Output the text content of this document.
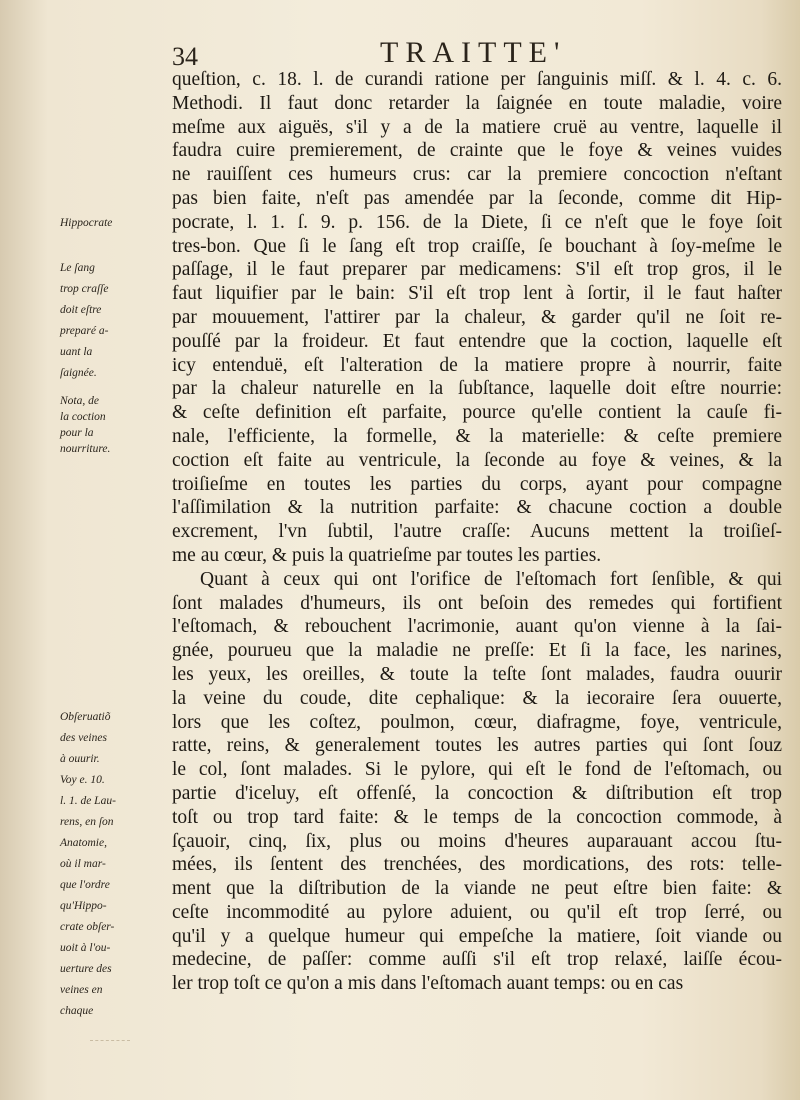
34	TRAITTE'
queſtion, c. 18. l. de curandi ratione per ſanguinis miſſ. & l. 4. c. 6.
Methodi. Il faut donc retarder la ſaignée en toute maladie, voire
meſme aux aiguës, s'il y a de la matiere cruë au ventre, laquelle il
faudra cuire premierement, de crainte que le foye & veines vuides
ne rauiſſent ces humeurs crus: car la premiere concoction n'eſtant
pas bien faite, n'eſt pas amendée par la ſeconde, comme dit Hip-
pocrate, l. 1. ſ. 9. p. 156. de la Diete, ſi ce n'eſt que le foye ſoit
tres-bon. Que ſi le ſang eſt trop craiſſe, ſe bouchant à ſoy-meſme le
paſſage, il le faut preparer par medicamens: S'il eſt trop gros, il le
faut liquifier par le bain: S'il eſt trop lent à ſortir, il le faut haſter
par mouuement, l'attirer par la chaleur, & garder qu'il ne ſoit re-
pouſſé par la froideur. Et faut entendre que la coction, laquelle eſt
icy entenduë, eſt l'alteration de la matiere propre à nourrir, faite
par la chaleur naturelle en la ſubſtance, laquelle doit eſtre nourrie:
& ceſte definition eſt parfaite, pource qu'elle contient la cauſe fi-
nale, l'efficiente, la formelle, & la materielle: & ceſte premiere
coction eſt faite au ventricule, la ſeconde au foye & veines, & la
troiſieſme en toutes les parties du corps, ayant pour compagne
l'aſſimilation & la nutrition parfaite: & chacune coction a double
excrement, l'vn ſubtil, l'autre craſſe: Aucuns mettent la troiſieſ-
me au cœur, & puis la quatrieſme par toutes les parties.
Quant à ceux qui ont l'orifice de l'eſtomach fort ſenſible, & qui
ſont malades d'humeurs, ils ont beſoin des remedes qui fortifient
l'eſtomach, & rebouchent l'acrimonie, auant qu'on vienne à la ſai-
gnée, pourueu que la maladie ne preſſe: Et ſi la face, les narines,
les yeux, les oreilles, & toute la teſte ſont malades, faudra ouurir
la veine du coude, dite cephalique: & la iecoraire ſera ouuerte,
lors que les coſtez, poulmon, cœur, diafragme, foye, ventricule,
ratte, reins, & generalement toutes les autres parties qui ſont ſouz
le col, ſont malades. Si le pylore, qui eſt le fond de l'eſtomach, ou
partie d'iceluy, eſt offenſé, la concoction & diſtribution eſt trop
toſt ou trop tard faite: & le temps de la concoction commode, à
ſçauoir, cinq, ſix, plus ou moins d'heures auparauant accou ſtu-
mées, ils ſentent des trenchées, des mordications, des rots: telle-
ment que la diſtribution de la viande ne peut eſtre bien faite: &
ceſte incommodité au pylore aduient, ou qu'il eſt trop ſerré, ou
qu'il y a quelque humeur qui empeſche la matiere, ſoit viande ou
medecine, de paſſer: comme auſſi s'il eſt trop relaxé, laiſſe écou-
ler trop toſt ce qu'on a mis dans l'eſtomach auant temps: ou en cas
Hippocrate
Le ſang
trop craſſe
doit eſtre
preparé a-
uant la
ſaignée.
Nota, de
la coction
pour la
nourriture.
Obſeruatiõ
des veines
à ouurir.
Voy e. 10.
l. 1. de Lau-
rens, en ſon
Anatomie,
où il mar-
que l'ordre
qu'Hippo-
crate obſer-
uoit à l'ou-
uerture des
veines en
chaque
